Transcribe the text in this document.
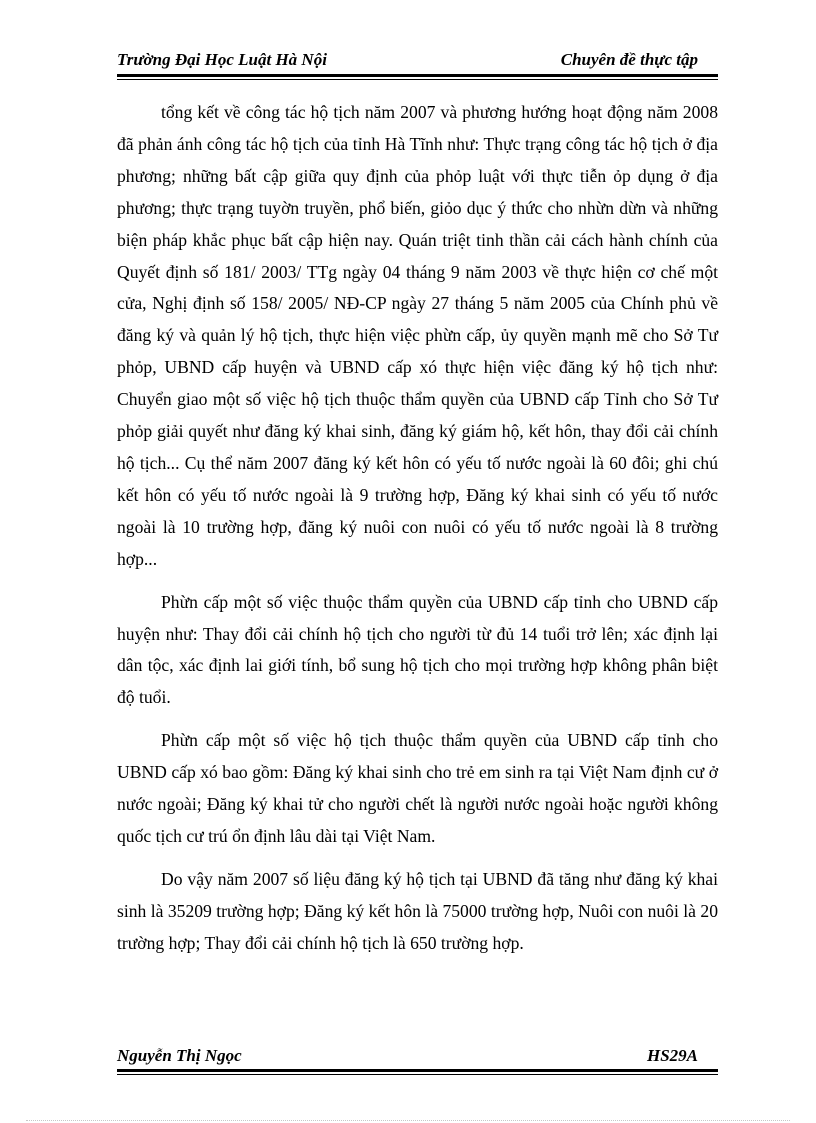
Trường Đại Học Luật Hà Nội	Chuyên đề thực tập

tổng kết về công tác hộ tịch năm 2007 và phương hướng hoạt động năm 2008 đã phản ánh công tác hộ tịch của tỉnh Hà Tĩnh như: Thực trạng công tác hộ tịch ở địa phương; những bất cập giữa quy định của phỏp luật với thực tiễn ỏp dụng ở địa phương; thực trạng tuyờn truyền, phổ biến, giỏo dục ý thức cho nhừn dừn và những biện pháp khắc phục bất cập hiện nay. Quán triệt tinh thần cải cách hành chính của Quyết định số 181/ 2003/ TTg ngày 04 tháng 9 năm 2003 về thực hiện cơ chế một cửa, Nghị định số 158/ 2005/ NĐ-CP ngày 27 tháng 5 năm 2005 của Chính phủ về đăng ký và quản lý hộ tịch, thực hiện việc phừn cấp, ủy quyền mạnh mẽ cho Sở Tư phỏp, UBND cấp huyện và UBND cấp xó thực hiện việc đăng ký hộ tịch như: Chuyển giao một số việc hộ tịch thuộc thẩm quyền của UBND cấp Tỉnh cho Sở Tư phỏp giải quyết như đăng ký khai sinh, đăng ký giám hộ, kết hôn, thay đổi cải chính hộ tịch... Cụ thể năm 2007 đăng ký kết hôn có yếu tố nước ngoài là 60 đôi; ghi chú kết hôn có yếu tố nước ngoài là 9 trường hợp, Đăng ký khai sinh có yếu tố nước ngoài là 10 trường hợp, đăng ký nuôi con nuôi có yếu tố nước ngoài là 8 trường hợp...

Phừn cấp một số việc thuộc thẩm quyền của UBND cấp tỉnh cho UBND cấp huyện như: Thay đổi cải chính hộ tịch cho người từ đủ 14 tuổi trở lên; xác định lại dân tộc, xác định lai giới tính, bổ sung hộ tịch cho mọi trường hợp không phân biệt độ tuổi.

Phừn cấp một số việc hộ tịch thuộc thẩm quyền của UBND cấp tỉnh cho UBND cấp xó bao gồm: Đăng ký khai sinh cho trẻ em sinh ra tại Việt Nam định cư ở nước ngoài; Đăng ký khai tử cho người chết là người nước ngoài hoặc người không quốc tịch cư trú ổn định lâu dài tại Việt Nam.

Do vậy năm 2007 số liệu đăng ký hộ tịch tại UBND đã tăng như đăng ký khai sinh là 35209 trường hợp; Đăng ký kết hôn là 75000 trường hợp, Nuôi con nuôi là 20 trường hợp; Thay đổi cải chính hộ tịch là 650 trường hợp.

Nguyễn Thị Ngọc	HS29A
